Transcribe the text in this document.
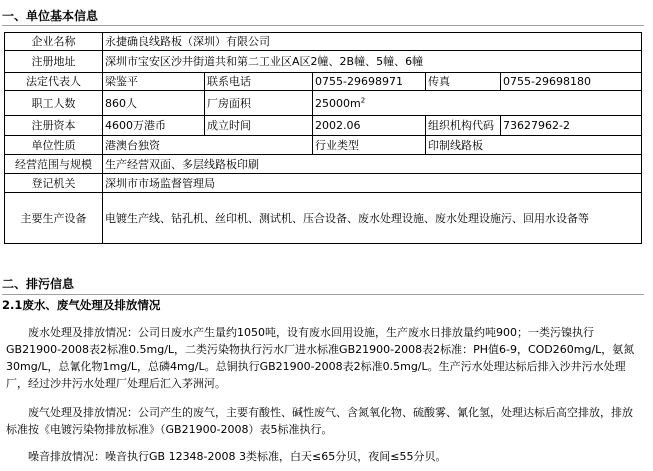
一、单位基本信息
企业名称	永捷确良线路板（深圳）有限公司				
注册地址	深圳市宝安区沙井街道共和第二工业区A区2幢、2B幢、5幢、6幢				
法定代表人	梁鉴平	联系电话	0755-29698971	传真	0755-29698180
职工人数	860人	厂房面积	$25000m^2$
注册资本	4600万港币	成立时间	2002.06	组织机构代码	73627962-2
单位性质	港澳台独资		行业类型	印制线路板	
经营范围与规模	生产经营双面、多层线路板印刷				
登记机关	深圳市市场监督管理局				
主要生产设备	电镀生产线、钻孔机、丝印机、测试机、压合设备、废水处理设施、废水处理设施污、回用水设备等				
二、排污信息
2.1废水、废气处理及排放情况
废水处理及排放情况：公司日废水产生量约1050吨，设有废水回用设施，生产废水日排放量约吨900；一类污镍执行GB21900-2008表2标准0.5mg/L，二类污染物执行污水厂进水标准GB21900-2008表2标准：PH值6-9，COD260mg/L，氨氮30mg/L，总氰化物1mg/L，总磷4mg/L。总铜执行GB21900-2008表2标准0.5mg/L。生产污水处理达标后排入沙井污水处理厂，经过沙井污水处理厂处理后汇入茅洲河。
废气处理及排放情况：公司产生的废气，主要有酸性、碱性废气、含氮氧化物、硫酸雾、氰化氢，处理达标后高空排放，排放标准按《电镀污染物排放标准》（GB21900-2008）表5标准执行。
噪音排放情况：噪音执行GB 12348-2008 3类标准，白天≤65分贝，夜间≤55分贝。
